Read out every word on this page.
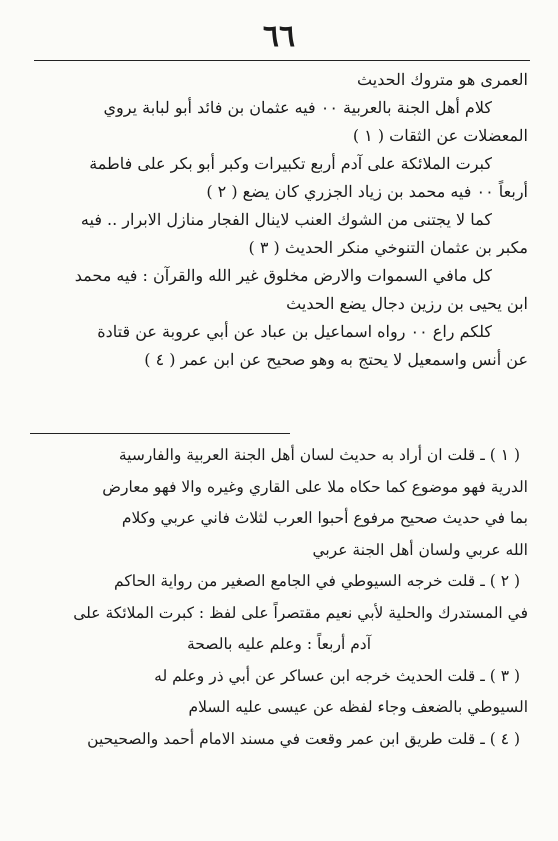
٦٦

العمرى هو متروك الحديث

كلام أهل الجنة بالعربية ٠٠ فيه عثمان بن فائد أبو لبابة يروي

المعضلات عن الثقات ( ١ )

كبرت الملائكة على آدم أربع تكبيرات وكبر أبو بكر على فاطمة

أربعاً ٠٠ فيه محمد بن زياد الجزري كان يضع ( ٢ )

كما لا يجتنى من الشوك العنب لاينال الفجار منازل الابرار .. فيه

مكبر بن عثمان التنوخي منكر الحديث ( ٣ )

كل مافي السموات والارض مخلوق غير الله والقرآن : فيه محمد

ابن يحيى بن رزين دجال يضع الحديث

كلكم راع ٠٠ رواه اسماعيل بن عباد عن أبي عروبة عن قتادة

عن أنس واسمعيل لا يحتج به وهو صحيح عن ابن عمر ( ٤ )

( ١ ) ـ قلت ان أراد به حديث لسان أهل الجنة العربية والفارسية

الدرية فهو موضوع كما حكاه ملا على القاري وغيره والا فهو معارض

بما في حديث صحيح مرفوع أحبوا العرب لثلاث فاني عربي وكلام

الله عربي ولسان أهل الجنة عربي

( ٢ ) ـ قلت خرجه السيوطي في الجامع الصغير من رواية الحاكم

في المستدرك والحلية لأبي نعيم مقتصراً على لفظ : كبرت الملائكة على

آدم أربعاً : وعلم عليه بالصحة

( ٣ ) ـ قلت الحديث خرجه ابن عساكر عن أبي ذر وعلم له

السيوطي بالضعف وجاء لفظه عن عيسى عليه السلام

( ٤ ) ـ قلت طريق ابن عمر وقعت في مسند الامام أحمد والصحيحين
